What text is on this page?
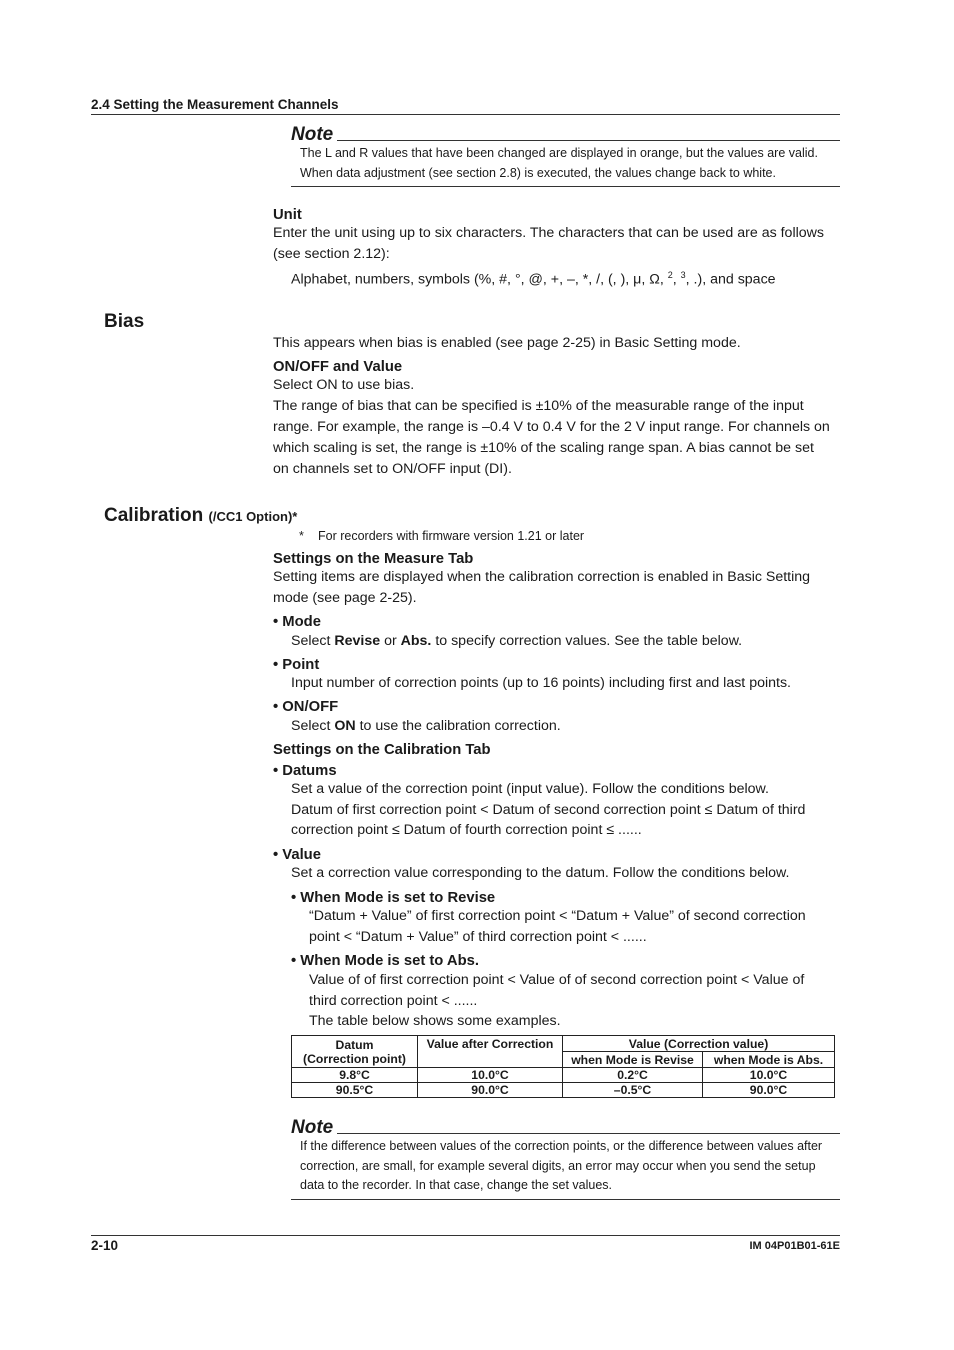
2.4 Setting the Measurement Channels
Note
The L and R values that have been changed are displayed in orange, but the values are valid.
When data adjustment (see section 2.8) is executed, the values change back to white.
Unit
Enter the unit using up to six characters. The characters that can be used are as follows
(see section 2.12):
Alphabet, numbers, symbols (%, #, °, @, +, –, *, /, (, ), μ, Ω, $^2$, $^3$, .), and space
Bias
This appears when bias is enabled (see page 2-25) in Basic Setting mode.
ON/OFF and Value
Select ON to use bias.
The range of bias that can be specified is ±10% of the measurable range of the input
range. For example, the range is –0.4 V to 0.4 V for the 2 V input range. For channels on
which scaling is set, the range is ±10% of the scaling range span. A bias cannot be set
on channels set to ON/OFF input (DI).
Calibration (/CC1 Option)*
* For recorders with firmware version 1.21 or later
Settings on the Measure Tab
Setting items are displayed when the calibration correction is enabled in Basic Setting
mode (see page 2-25).
• Mode
Select Revise or Abs. to specify correction values. See the table below.
• Point
Input number of correction points (up to 16 points) including first and last points.
• ON/OFF
Select ON to use the calibration correction.
Settings on the Calibration Tab
• Datums
Set a value of the correction point (input value). Follow the conditions below.
Datum of first correction point < Datum of second correction point ≤ Datum of third
correction point ≤ Datum of fourth correction point ≤ ......
• Value
Set a correction value corresponding to the datum. Follow the conditions below.
• When Mode is set to Revise
“Datum + Value” of first correction point < “Datum + Value” of second correction
point < “Datum + Value” of third correction point < ......
• When Mode is set to Abs.
Value of of first correction point < Value of of second correction point < Value of
third correction point < ......
The table below shows some examples.
Datum
(Correction point)	Value after Correction	Value (Correction value)	
		when Mode is Revise	when Mode is Abs.
9.8°C	10.0°C	0.2°C	10.0°C
90.5°C	90.0°C	–0.5°C	90.0°C
Note
If the difference between values of the correction points, or the difference between values after
correction, are small, for example several digits, an error may occur when you send the setup
data to the recorder. In that case, change the set values.
2-10	IM 04P01B01-61E
